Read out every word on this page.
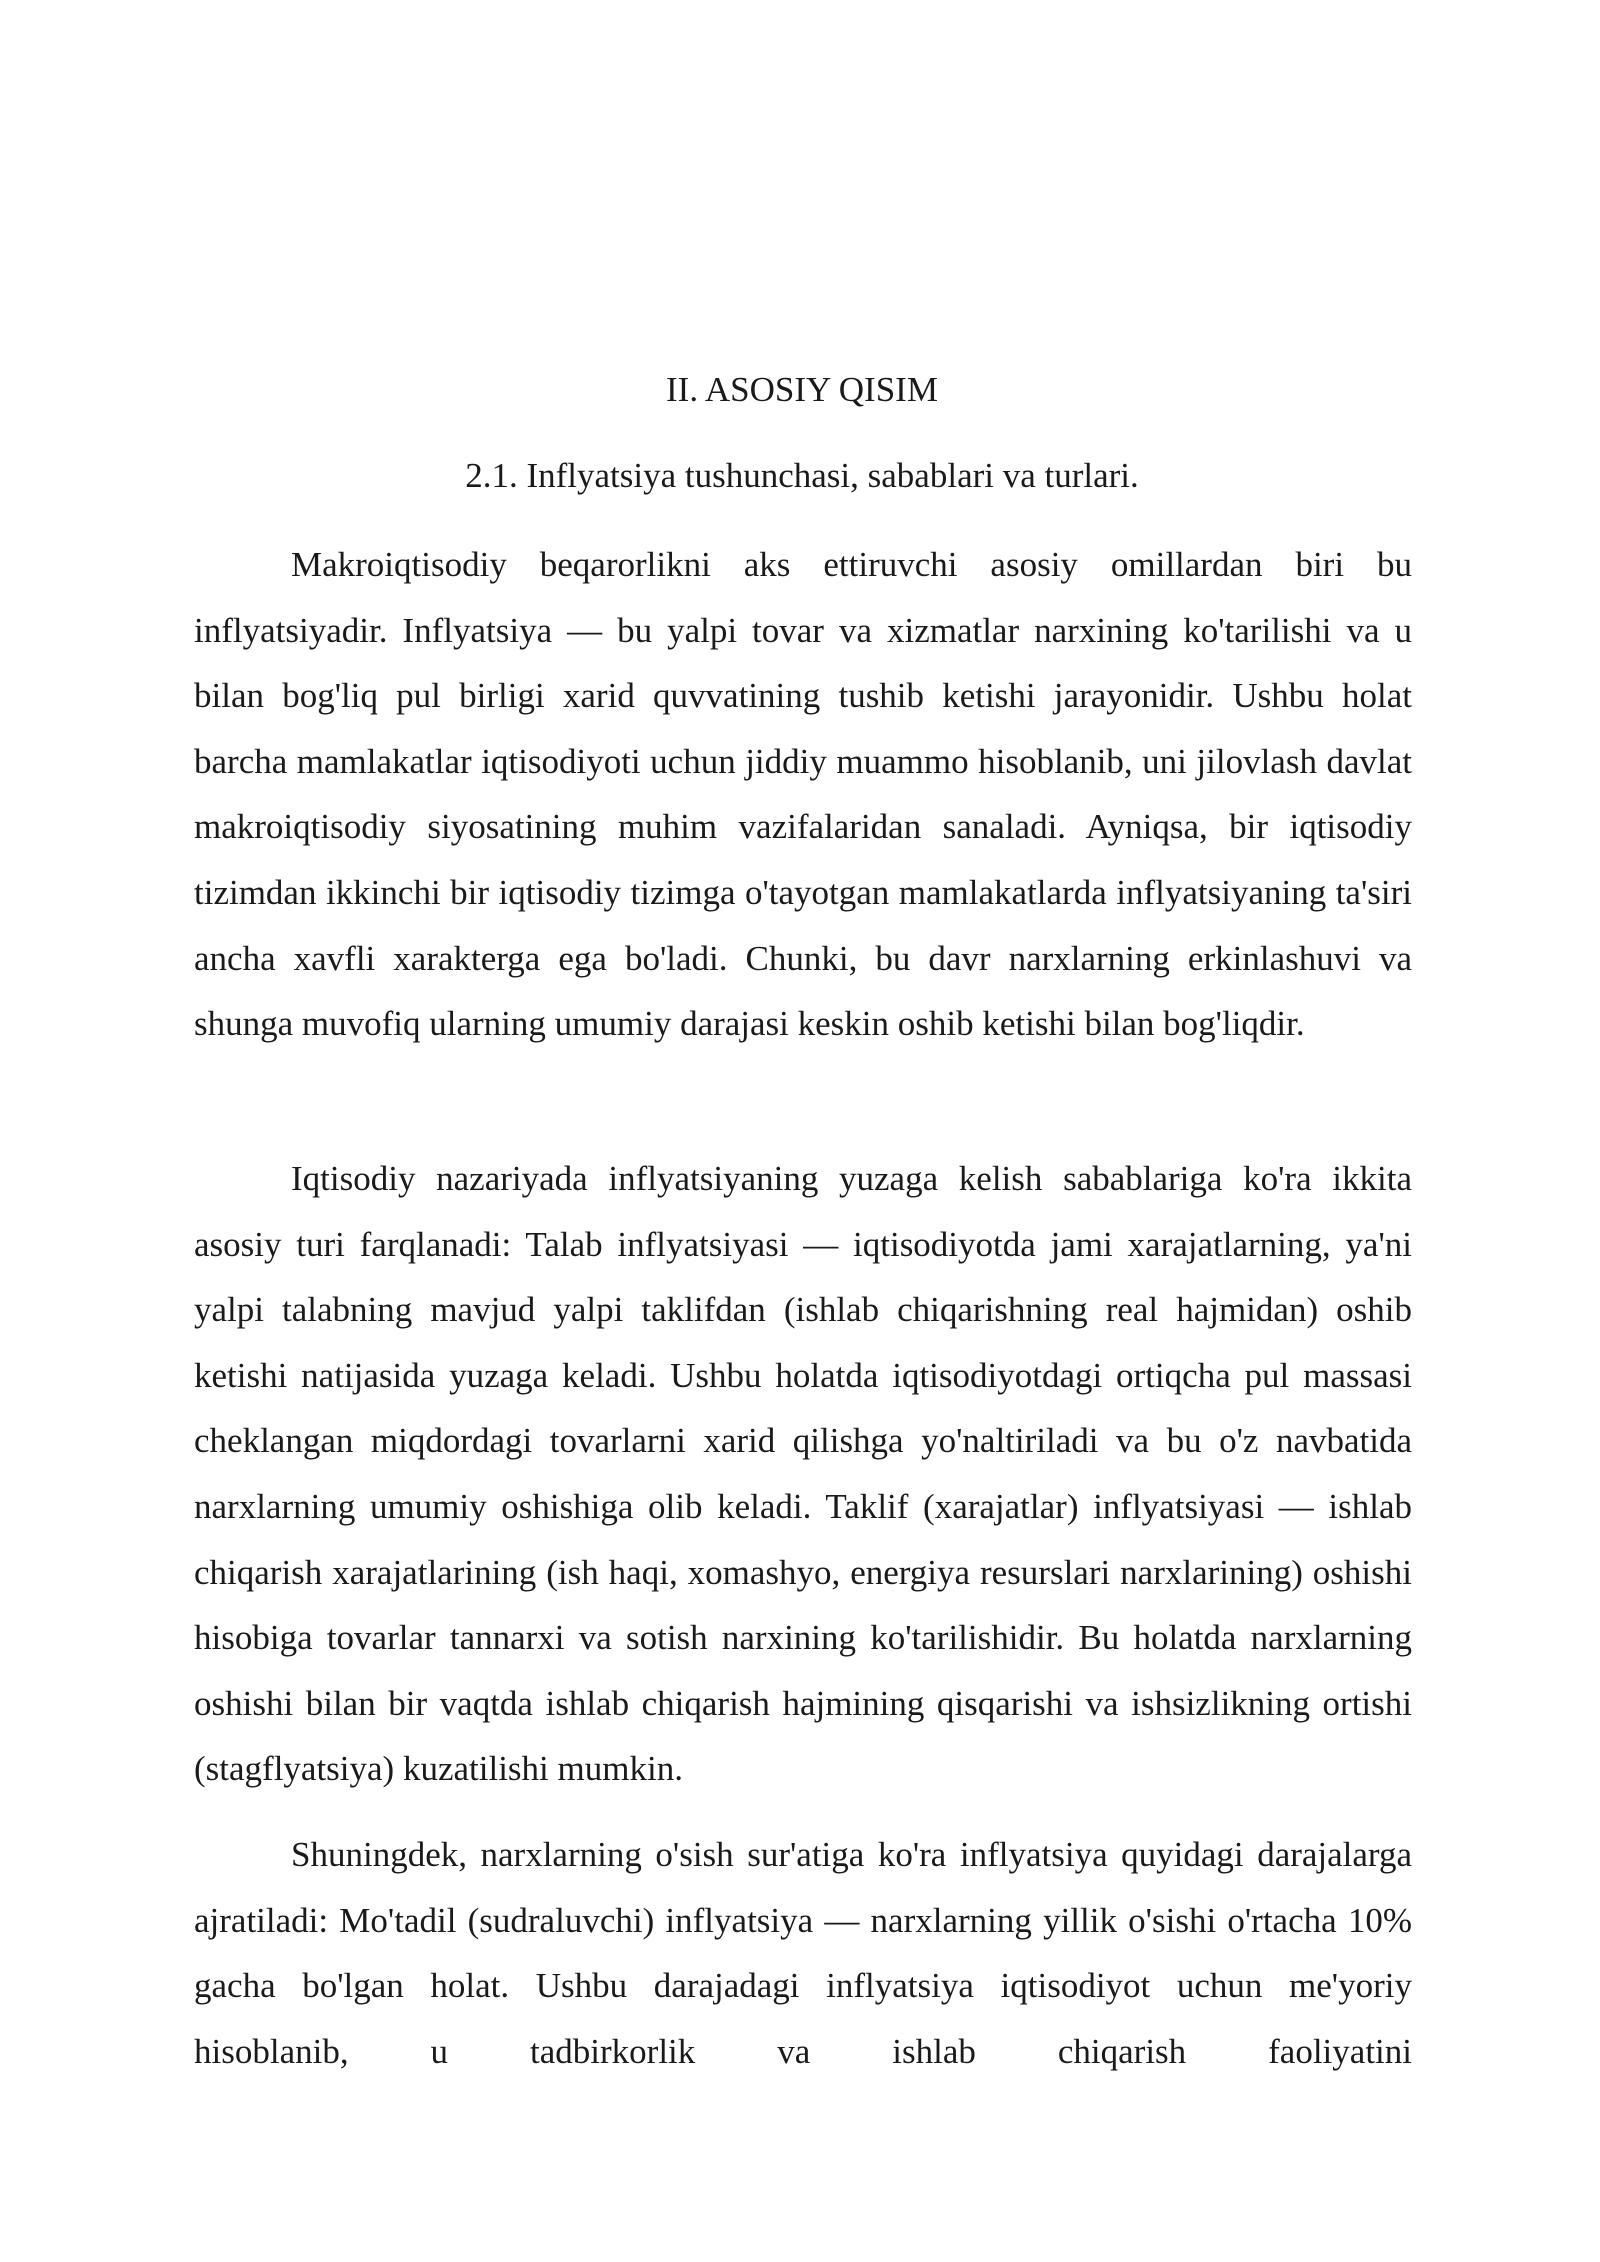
II. ASOSIY QISIM
2.1. Inflyatsiya tushunchasi, sabablari va turlari.

Makroiqtisodiy beqarorlikni aks ettiruvchi asosiy omillardan biri bu inflyatsiyadir. Inflyatsiya — bu yalpi tovar va xizmatlar narxining ko'tarilishi va u bilan bog'liq pul birligi xarid quvvatining tushib ketishi jarayonidir. Ushbu holat barcha mamlakatlar iqtisodiyoti uchun jiddiy muammo hisoblanib, uni jilovlash davlat makroiqtisodiy siyosatining muhim vazifalaridan sanaladi. Ayniqsa, bir iqtisodiy tizimdan ikkinchi bir iqtisodiy tizimga o'tayotgan mamlakatlarda inflyatsiyaning ta'siri ancha xavfli xarakterga ega bo'ladi. Chunki, bu davr narxlarning erkinlashuvi va shunga muvofiq ularning umumiy darajasi keskin oshib ketishi bilan bog'liqdir.

Iqtisodiy nazariyada inflyatsiyaning yuzaga kelish sabablariga ko'ra ikkita asosiy turi farqlanadi: Talab inflyatsiyasi — iqtisodiyotda jami xarajatlarning, ya'ni yalpi talabning mavjud yalpi taklifdan (ishlab chiqarishning real hajmidan) oshib ketishi natijasida yuzaga keladi. Ushbu holatda iqtisodiyotdagi ortiqcha pul massasi cheklangan miqdordagi tovarlarni xarid qilishga yo'naltiriladi va bu o'z navbatida narxlarning umumiy oshishiga olib keladi. Taklif (xarajatlar) inflyatsiyasi — ishlab chiqarish xarajatlarining (ish haqi, xomashyo, energiya resurslari narxlarining) oshishi hisobiga tovarlar tannarxi va sotish narxining ko'tarilishidir. Bu holatda narxlarning oshishi bilan bir vaqtda ishlab chiqarish hajmining qisqarishi va ishsizlikning ortishi (stagflyatsiya) kuzatilishi mumkin.

Shuningdek, narxlarning o'sish sur'atiga ko'ra inflyatsiya quyidagi darajalarga ajratiladi: Mo'tadil (sudraluvchi) inflyatsiya — narxlarning yillik o'sishi o'rtacha 10% gacha bo'lgan holat. Ushbu darajadagi inflyatsiya iqtisodiyot uchun me'yoriy hisoblanib, u tadbirkorlik va ishlab chiqarish faoliyatini
